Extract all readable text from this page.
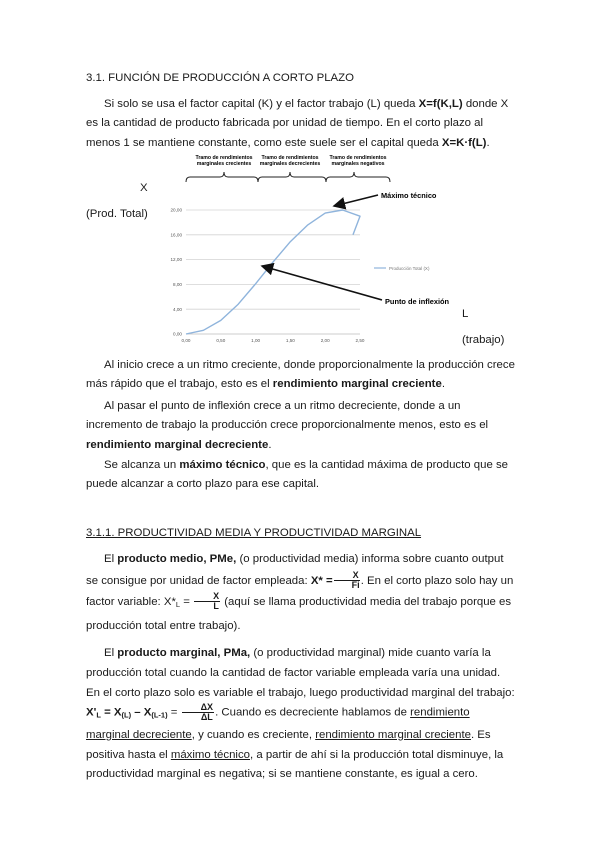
3.1. FUNCIÓN DE PRODUCCIÓN A CORTO PLAZO

Si solo se usa el factor capital (K) y el factor trabajo (L) queda X=f(K,L) donde X es la cantidad de producto fabricada por unidad de tiempo. En el corto plazo al menos 1 se mantiene constante, como este suele ser el capital queda X=K·f(L).

X
(Prod. Total)
L
(trabajo)
0,00
4,00
8,00
12,00
16,00
20,00
0,00	0,50	1,00	1,50	2,00	2,50
Tramo de rendimientos
marginales crecientes
Tramo de rendimientos
marginales decrecientes
Tramo de rendimientos
marginales negativos
Producción Total (X)
Máximo técnico
Punto de inflexión

Al inicio crece a un ritmo creciente, donde proporcionalmente la producción crece más rápido que el trabajo, esto es el rendimiento marginal creciente.

Al pasar el punto de inflexión crece a un ritmo decreciente, donde a un incremento de trabajo la producción crece proporcionalmente menos, esto es el rendimiento marginal decreciente.

Se alcanza un máximo técnico, que es la cantidad máxima de producto que se puede alcanzar a corto plazo para ese capital.

3.1.1. PRODUCTIVIDAD MEDIA Y PRODUCTIVIDAD MARGINAL

El producto medio, PMe, (o productividad media) informa sobre cuanto output se consigue por unidad de factor empleada: $X* = \frac{X}{Fi}$ . En el corto plazo solo hay un factor variable: $X*_L = \frac{X}{L}$ (aquí se llama productividad media del trabajo porque es producción total entre trabajo).

El producto marginal, PMa, (o productividad marginal) mide cuanto varía la producción total cuando la cantidad de factor variable empleada varía una unidad. En el corto plazo solo es variable el trabajo, luego productividad marginal del trabajo: $X'_L = X_{(L)} - X_{(L-1)} = \frac{\Delta X}{\Delta L}$ . Cuando es decreciente hablamos de rendimiento marginal decreciente, y cuando es creciente, rendimiento marginal creciente. Es positiva hasta el máximo técnico, a partir de ahí si la producción total disminuye, la productividad marginal es negativa; si se mantiene constante, es igual a cero.
